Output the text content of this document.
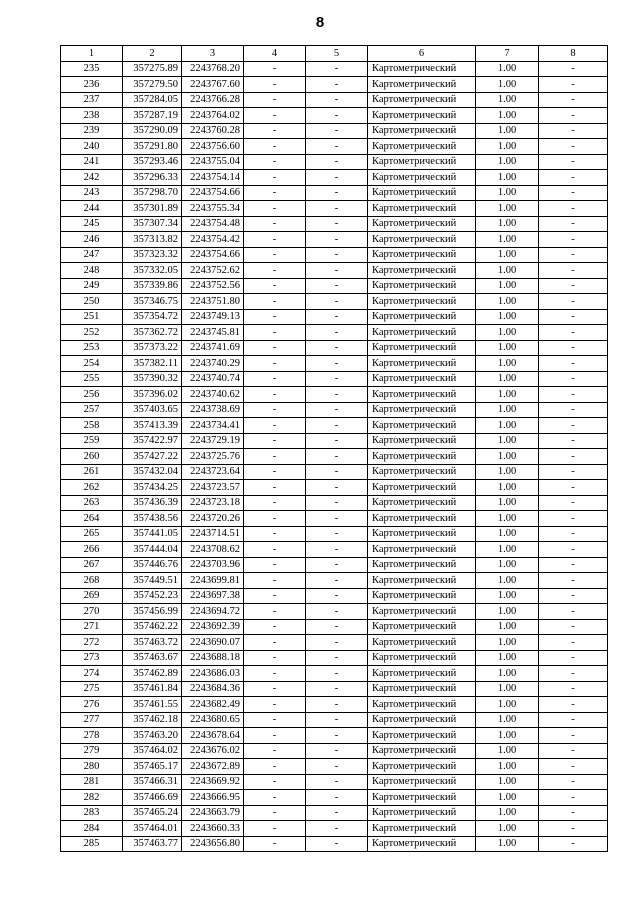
8
1	2	3	4	5	6	7	8
235	357275.89	2243768.20	-	-	Картометрический	1.00	-
236	357279.50	2243767.60	-	-	Картометрический	1.00	-
237	357284.05	2243766.28	-	-	Картометрический	1.00	-
238	357287.19	2243764.02	-	-	Картометрический	1.00	-
239	357290.09	2243760.28	-	-	Картометрический	1.00	-
240	357291.80	2243756.60	-	-	Картометрический	1.00	-
241	357293.46	2243755.04	-	-	Картометрический	1.00	-
242	357296.33	2243754.14	-	-	Картометрический	1.00	-
243	357298.70	2243754.66	-	-	Картометрический	1.00	-
244	357301.89	2243755.34	-	-	Картометрический	1.00	-
245	357307.34	2243754.48	-	-	Картометрический	1.00	-
246	357313.82	2243754.42	-	-	Картометрический	1.00	-
247	357323.32	2243754.66	-	-	Картометрический	1.00	-
248	357332.05	2243752.62	-	-	Картометрический	1.00	-
249	357339.86	2243752.56	-	-	Картометрический	1.00	-
250	357346.75	2243751.80	-	-	Картометрический	1.00	-
251	357354.72	2243749.13	-	-	Картометрический	1.00	-
252	357362.72	2243745.81	-	-	Картометрический	1.00	-
253	357373.22	2243741.69	-	-	Картометрический	1.00	-
254	357382.11	2243740.29	-	-	Картометрический	1.00	-
255	357390.32	2243740.74	-	-	Картометрический	1.00	-
256	357396.02	2243740.62	-	-	Картометрический	1.00	-
257	357403.65	2243738.69	-	-	Картометрический	1.00	-
258	357413.39	2243734.41	-	-	Картометрический	1.00	-
259	357422.97	2243729.19	-	-	Картометрический	1.00	-
260	357427.22	2243725.76	-	-	Картометрический	1.00	-
261	357432.04	2243723.64	-	-	Картометрический	1.00	-
262	357434.25	2243723.57	-	-	Картометрический	1.00	-
263	357436.39	2243723.18	-	-	Картометрический	1.00	-
264	357438.56	2243720.26	-	-	Картометрический	1.00	-
265	357441.05	2243714.51	-	-	Картометрический	1.00	-
266	357444.04	2243708.62	-	-	Картометрический	1.00	-
267	357446.76	2243703.96	-	-	Картометрический	1.00	-
268	357449.51	2243699.81	-	-	Картометрический	1.00	-
269	357452.23	2243697.38	-	-	Картометрический	1.00	-
270	357456.99	2243694.72	-	-	Картометрический	1.00	-
271	357462.22	2243692.39	-	-	Картометрический	1.00	-
272	357463.72	2243690.07	-	-	Картометрический	1.00	-
273	357463.67	2243688.18	-	-	Картометрический	1.00	-
274	357462.89	2243686.03	-	-	Картометрический	1.00	-
275	357461.84	2243684.36	-	-	Картометрический	1.00	-
276	357461.55	2243682.49	-	-	Картометрический	1.00	-
277	357462.18	2243680.65	-	-	Картометрический	1.00	-
278	357463.20	2243678.64	-	-	Картометрический	1.00	-
279	357464.02	2243676.02	-	-	Картометрический	1.00	-
280	357465.17	2243672.89	-	-	Картометрический	1.00	-
281	357466.31	2243669.92	-	-	Картометрический	1.00	-
282	357466.69	2243666.95	-	-	Картометрический	1.00	-
283	357465.24	2243663.79	-	-	Картометрический	1.00	-
284	357464.01	2243660.33	-	-	Картометрический	1.00	-
285	357463.77	2243656.80	-	-	Картометрический	1.00	-
